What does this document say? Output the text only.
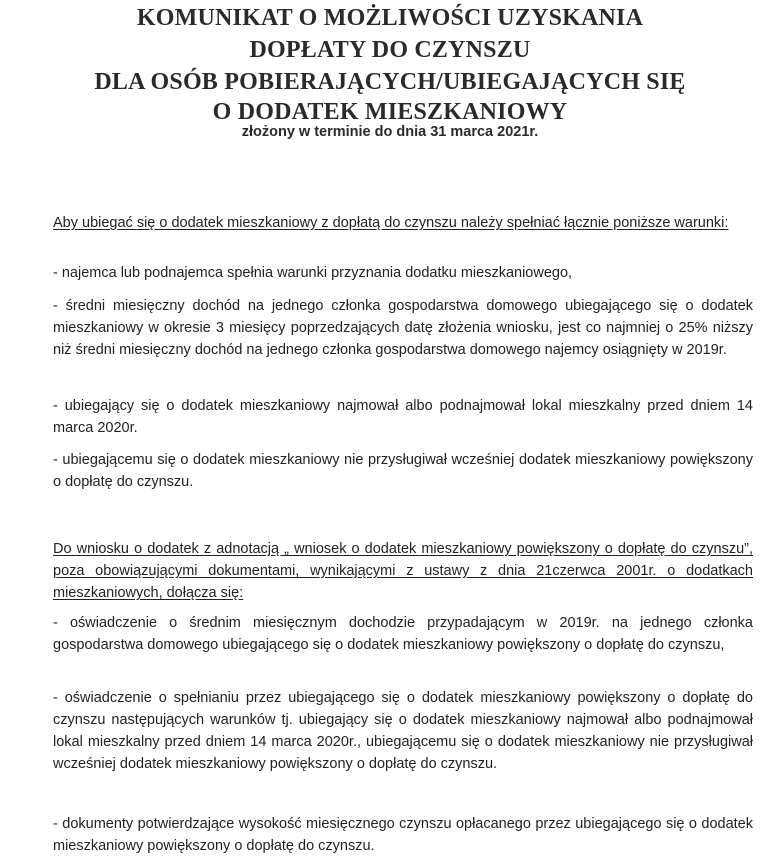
KOMUNIKAT O MOŻLIWOŚCI UZYSKANIA
DOPŁATY DO CZYNSZU
DLA OSÓB POBIERAJĄCYCH/UBIEGAJĄCYCH SIĘ
O DODATEK MIESZKANIOWY
złożony w terminie do dnia 31 marca 2021r.
Aby ubiegać się o dodatek mieszkaniowy z dopłatą do czynszu należy spełniać łącznie poniższe warunki:
- najemca lub podnajemca spełnia warunki przyznania dodatku mieszkaniowego,
- średni miesięczny dochód na jednego członka gospodarstwa domowego ubiegającego się o dodatek mieszkaniowy w okresie 3 miesięcy poprzedzających datę złożenia wniosku, jest co najmniej o 25% niższy niż średni miesięczny dochód na jednego członka gospodarstwa domowego najemcy osiągnięty w 2019r.
- ubiegający się o dodatek mieszkaniowy najmował albo podnajmował lokal mieszkalny przed dniem 14 marca 2020r.
- ubiegającemu się o dodatek mieszkaniowy nie przysługiwał wcześniej dodatek mieszkaniowy powiększony o dopłatę do czynszu.
Do wniosku o dodatek z adnotacją „ wniosek o dodatek mieszkaniowy powiększony o dopłatę do czynszu”, poza obowiązującymi dokumentami, wynikającymi z ustawy z dnia 21czerwca 2001r. o dodatkach mieszkaniowych, dołącza się:
- oświadczenie o średnim miesięcznym dochodzie przypadającym w 2019r. na jednego członka gospodarstwa domowego ubiegającego się o dodatek mieszkaniowy powiększony o dopłatę do czynszu,
- oświadczenie o spełnianiu przez ubiegającego się o dodatek mieszkaniowy powiększony o dopłatę do czynszu następujących warunków tj. ubiegający się o dodatek mieszkaniowy najmował albo podnajmował lokal mieszkalny przed dniem 14 marca 2020r., ubiegającemu się o dodatek mieszkaniowy nie przysługiwał wcześniej dodatek mieszkaniowy powiększony o dopłatę do czynszu.
- dokumenty potwierdzające wysokość miesięcznego czynszu opłacanego przez ubiegającego się o dodatek mieszkaniowy powiększony o dopłatę do czynszu.
